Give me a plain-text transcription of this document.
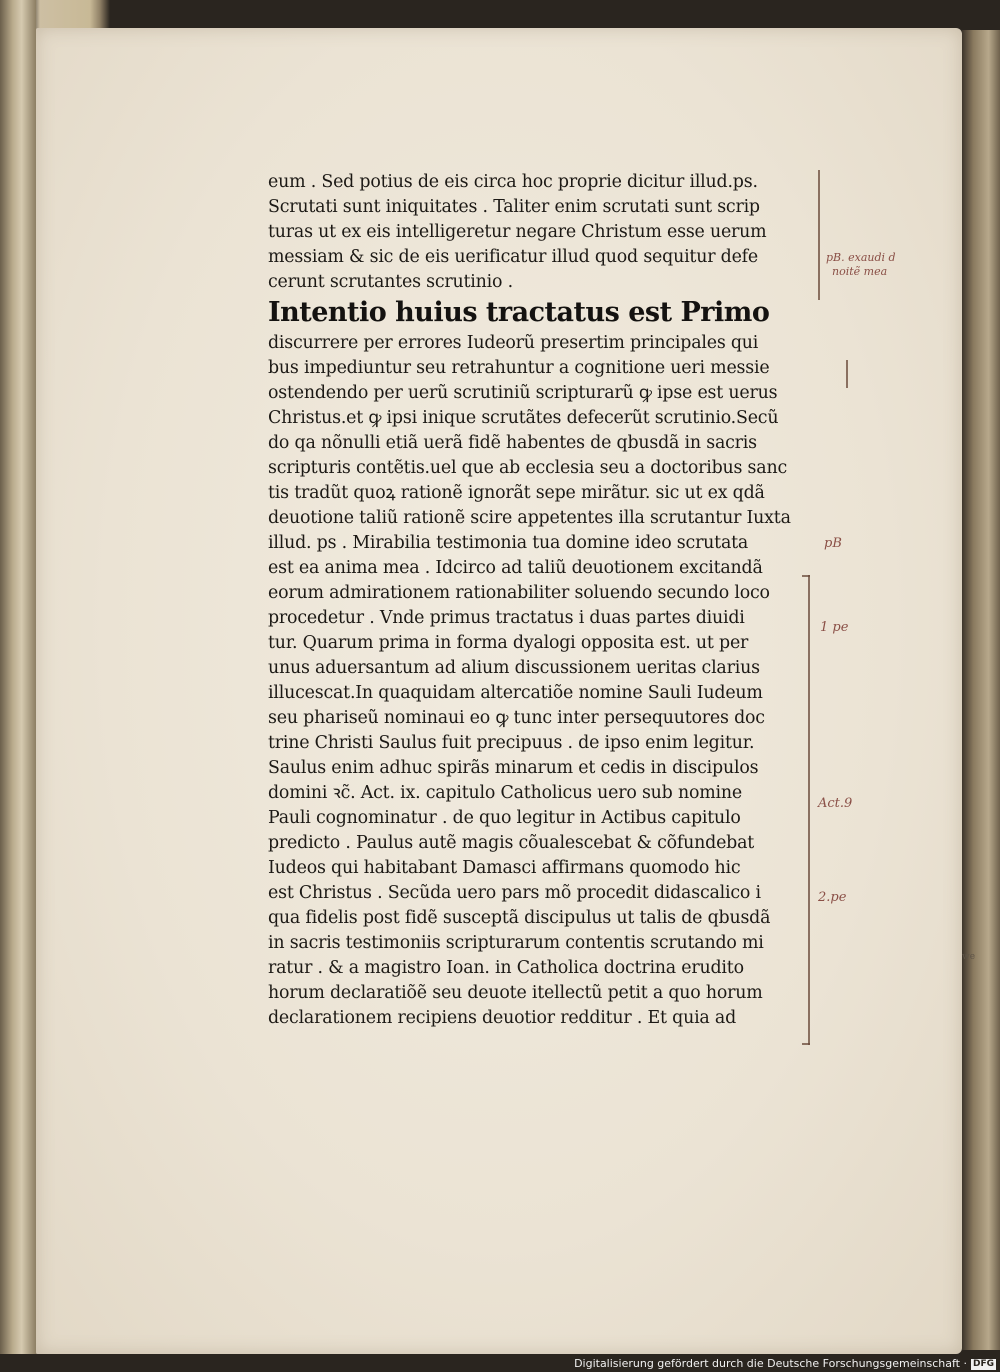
eum . Sed potius de eis circa hoc proprie dicitur illud.ps.
Scrutati sunt iniquitates . Taliter enim scrutati sunt scrip
turas ut ex eis intelligeretur negare Christum esse uerum
messiam & sic de eis uerificatur illud quod sequitur defe
cerunt scrutantes scrutinio .
Intentio huius tractatus est Primo
discurrere per errores Iudeorũ presertim principales qui
bus impediuntur seu retrahuntur a cognitione ueri messie
ostendendo per uerũ scrutiniũ scripturarũ ꝙ ipse est uerus
Christus.et ꝙ ipsi inique scrutãtes defecerũt scrutinio.Secũ
do qa nõnulli etiã uerã fidẽ habentes de qbusdã in sacris
scripturis contẽtis.uel que ab ecclesia seu a doctoribus sanc
tis tradũt quoꝝ rationẽ ignorãt sepe mirãtur. sic ut ex qdã
deuotione taliũ rationẽ scire appetentes illa scrutantur Iuxta
illud. ps . Mirabilia testimonia tua domine ideo scrutata
est ea anima mea . Idcirco ad taliũ deuotionem excitandã
eorum admirationem rationabiliter soluendo secundo loco
procedetur . Vnde primus tractatus i duas partes diuidi
tur. Quarum prima in forma dyalogi opposita est. ut per
unus aduersantum ad alium discussionem ueritas clarius
illucescat.In quaquidam altercatiõe nomine Sauli Iudeum
seu phariseũ nominaui eo ꝙ tunc inter persequutores doc
trine Christi Saulus fuit precipuus . de ipso enim legitur.
Saulus enim adhuc spirãs minarum et cedis in discipulos
domini ꝛc̃. Act. ix. capitulo Catholicus uero sub nomine
Pauli cognominatur . de quo legitur in Actibus capitulo
predicto . Paulus autẽ magis cõualescebat & cõfundebat
Iudeos qui habitabant Damasci affirmans quomodo hic
est Christus . Secũda uero pars mõ procedit didascalico i
qua fidelis post fidẽ susceptã discipulus ut talis de qbusdã
in sacris testimoniis scripturarum contentis scrutando mi
ratur . & a magistro Ioan. in Catholica doctrina erudito
horum declaratiõẽ seu deuote itellectũ petit a quo horum
declarationem recipiens deuotior redditur . Et quia ad
pB. exaudi d
noitẽ mea
pB
1 pe
Act.9
2.pe
we
Digitalisierung gefördert durch die Deutsche Forschungsgemeinschaft · DFG
